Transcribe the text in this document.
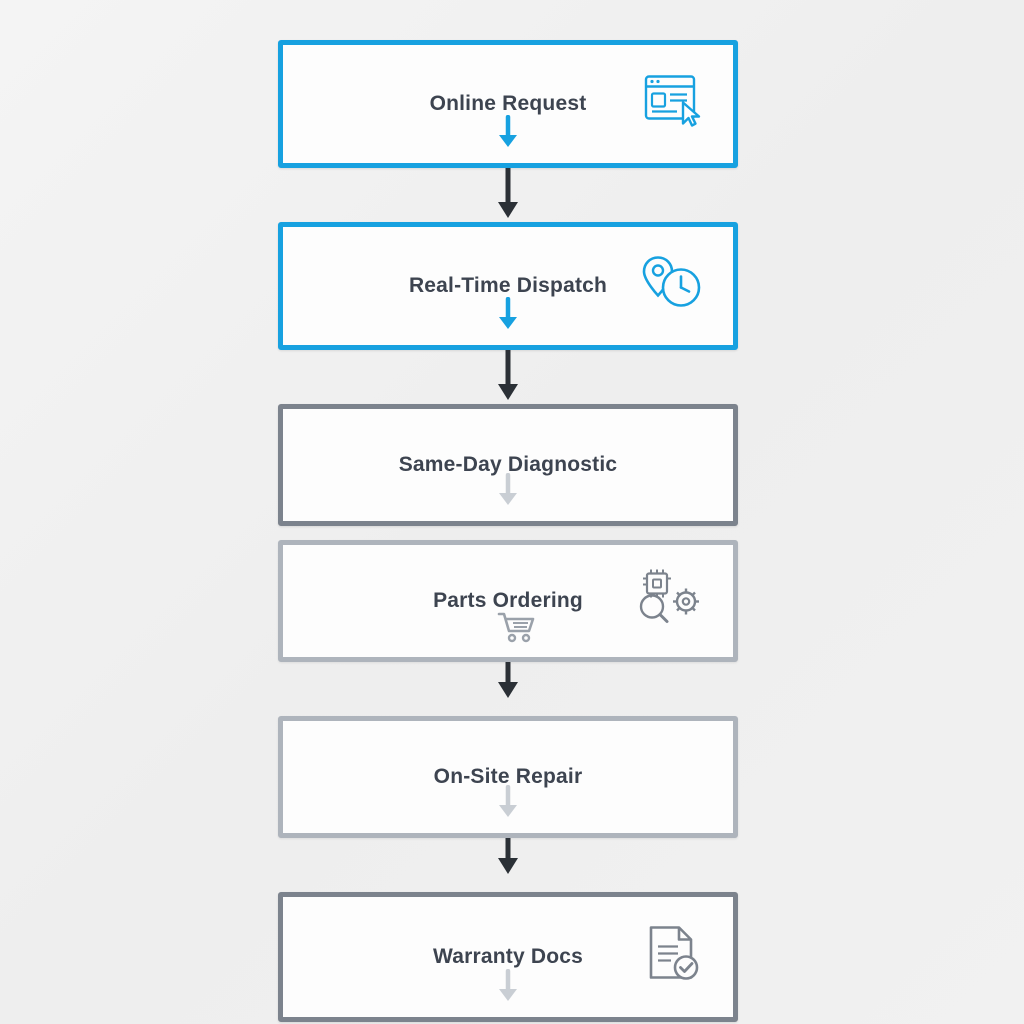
Online Request
Real-Time Dispatch
Same-Day Diagnostic
Parts Ordering
On-Site Repair
Warranty Docs
